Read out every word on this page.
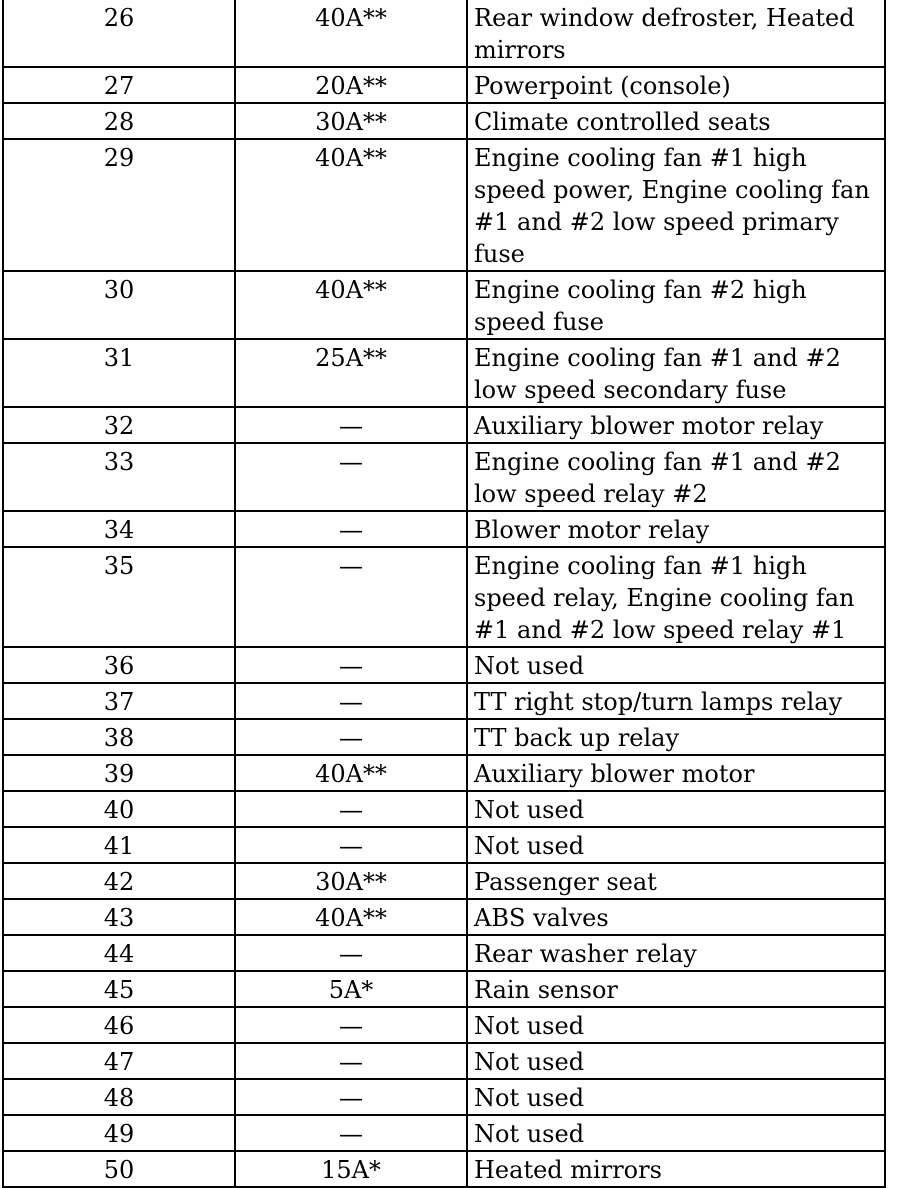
26	40A**	Rear window defroster, Heated mirrors
27	20A**	Powerpoint (console)
28	30A**	Climate controlled seats
29	40A**	Engine cooling fan #1 high speed power, Engine cooling fan #1 and #2 low speed primary fuse
30	40A**	Engine cooling fan #2 high speed fuse
31	25A**	Engine cooling fan #1 and #2 low speed secondary fuse
32	—	Auxiliary blower motor relay
33	—	Engine cooling fan #1 and #2 low speed relay #2
34	—	Blower motor relay
35	—	Engine cooling fan #1 high speed relay, Engine cooling fan #1 and #2 low speed relay #1
36	—	Not used
37	—	TT right stop/turn lamps relay
38	—	TT back up relay
39	40A**	Auxiliary blower motor
40	—	Not used
41	—	Not used
42	30A**	Passenger seat
43	40A**	ABS valves
44	—	Rear washer relay
45	5A*	Rain sensor
46	—	Not used
47	—	Not used
48	—	Not used
49	—	Not used
50	15A*	Heated mirrors
